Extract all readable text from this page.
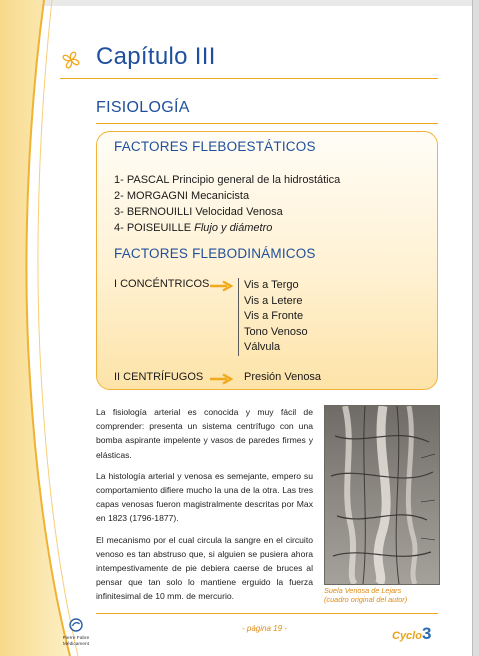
Capítulo III
FISIOLOGÍA
FACTORES FLEBOESTÁTICOS
1- PASCAL Principio general de la hidrostática
2- MORGAGNI Mecanicista
3- BERNOUILLI Velocidad Venosa
4- POISEUILLE Flujo y diámetro
FACTORES FLEBODINÁMICOS
I CONCÉNTRICOS	Vis a Tergo
Vis a Letere
Vis a Fronte
Tono Venoso
Válvula
II CENTRÍFUGOS	Presión Venosa

La fisiología arterial es conocida y muy fácil de comprender: presenta un sistema centrífugo con una bomba aspirante impelente y vasos de paredes firmes y elásticas.

La histología arterial y venosa es semejante, empero su comportamiento difiere mucho la una de la otra. Las tres capas venosas fueron magistralmente descritas por Max en 1823 (1796-1877).

El mecanismo por el cual circula la sangre en el circuito venoso es tan abstruso que, si alguien se pusiera ahora intempestivamente de pie debiera caerse de bruces al pensar que tan solo lo mantiene erguido la fuerza infinitesimal de 10 mm. de mercurio.

Suela Venosa de Lejars
(cuadro original del autor)
Pierre Fabre
Médicament
- página 19 -
Cyclo3
